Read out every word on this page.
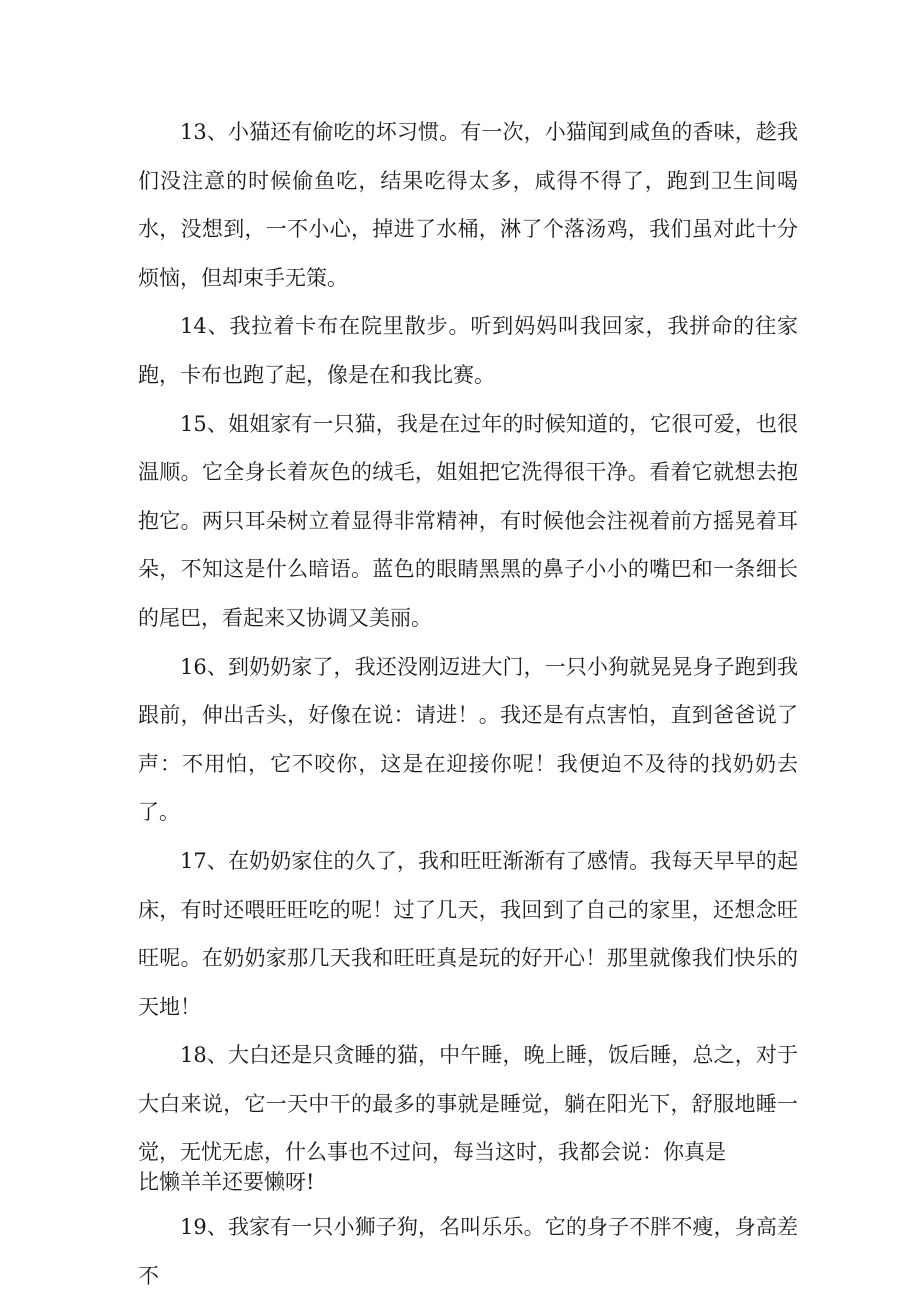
13、小猫还有偷吃的坏习惯。有一次，小猫闻到咸鱼的香味，趁我们没注意的时候偷鱼吃，结果吃得太多，咸得不得了，跑到卫生间喝水，没想到，一不小心，掉进了水桶，淋了个落汤鸡，我们虽对此十分烦恼，但却束手无策。

14、我拉着卡布在院里散步。听到妈妈叫我回家，我拼命的往家跑，卡布也跑了起，像是在和我比赛。

15、姐姐家有一只猫，我是在过年的时候知道的，它很可爱，也很温顺。它全身长着灰色的绒毛，姐姐把它洗得很干净。看着它就想去抱抱它。两只耳朵树立着显得非常精神，有时候他会注视着前方摇晃着耳朵，不知这是什么暗语。蓝色的眼睛黑黑的鼻子小小的嘴巴和一条细长的尾巴，看起来又协调又美丽。

16、到奶奶家了，我还没刚迈进大门，一只小狗就晃晃身子跑到我跟前，伸出舌头，好像在说：请进！。我还是有点害怕，直到爸爸说了声：不用怕，它不咬你，这是在迎接你呢！我便迫不及待的找奶奶去了。

17、在奶奶家住的久了，我和旺旺渐渐有了感情。我每天早早的起床，有时还喂旺旺吃的呢！过了几天，我回到了自己的家里，还想念旺旺呢。在奶奶家那几天我和旺旺真是玩的好开心！那里就像我们快乐的天地！

18、大白还是只贪睡的猫，中午睡，晚上睡，饭后睡，总之，对于大白来说，它一天中干的最多的事就是睡觉，躺在阳光下，舒服地睡一觉，无忧无虑，什么事也不过问，每当这时，我都会说：你真是
比懒羊羊还要懒呀!

19、我家有一只小狮子狗，名叫乐乐。它的身子不胖不瘦，身高差不
